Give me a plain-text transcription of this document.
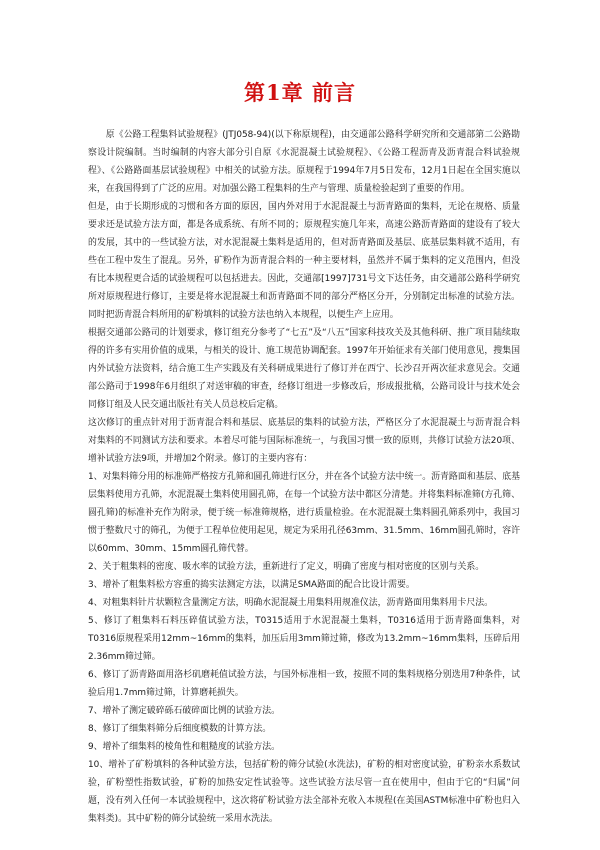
第1章 前言

原《公路工程集料试验规程》(JTJ058-94)(以下称原规程)，由交通部公路科学研究所和交通部第二公路勘察设计院编制。当时编制的内容大部分引自原《水泥混凝土试验规程》、《公路工程沥青及沥青混合料试验规程》、《公路路面基层试验规程》中相关的试验方法。原规程于1994年7月5日发布，12月1日起在全国实施以来，在我国得到了广泛的应用。对加强公路工程集料的生产与管理、质量检验起到了重要的作用。

但是，由于长期形成的习惯和各方面的原因，国内外对用于水泥混凝土与沥青路面的集料，无论在规格、质量要求还是试验方法方面，都是各成系统、有所不同的；原规程实施几年来，高速公路沥青路面的建设有了较大的发展，其中的一些试验方法，对水泥混凝土集料是适用的，但对沥青路面及基层、底基层集料就不适用，有些在工程中发生了混乱。另外，矿粉作为沥青混合料的一种主要材料，虽然并不属于集料的定义范围内，但没有比本规程更合适的试验规程可以包括进去。因此，交通部[1997]731号文下达任务，由交通部公路科学研究所对原规程进行修订，主要是将水泥混凝土和沥青路面不同的部分严格区分开，分别制定出标准的试验方法。同时把沥青混合料所用的矿粉填料的试验方法也纳入本规程，以便生产上应用。

根据交通部公路司的计划要求，修订组充分参考了“七五”及“八五”国家科技攻关及其他科研、推广项目陆续取得的许多有实用价值的成果，与相关的设计、施工规范协调配套。1997年开始征求有关部门使用意见，搜集国内外试验方法资料，结合施工生产实践及有关科研成果进行了修订并在西宁、长沙召开两次征求意见会。交通部公路司于1998年6月组织了对送审稿的审查，经修订组进一步修改后，形成报批稿，公路司设计与技术处会同修订组及人民交通出版社有关人员总校后定稿。

这次修订的重点针对用于沥青混合料和基层、底基层的集料的试验方法，严格区分了水泥混凝土与沥青混合料对集料的不同测试方法和要求。本着尽可能与国际标准统一，与我国习惯一致的原则，共修订试验方法20项、增补试验方法9项，并增加2个附录。修订的主要内容有：

1、对集料筛分用的标准筛严格按方孔筛和圆孔筛进行区分，并在各个试验方法中统一。沥青路面和基层、底基层集料使用方孔筛，水泥混凝土集料使用圆孔筛，在每一个试验方法中都区分清楚。并将集料标准筛(方孔筛、圆孔筛)的标准补充作为附录，便于统一标准筛规格，进行质量检验。在水泥混凝土集料圆孔筛系列中，我国习惯于整数尺寸的筛孔，为便于工程单位使用起见，规定为采用孔径63mm、31.5mm、16mm圆孔筛时，容许以60mm、30mm、15mm圆孔筛代替。

2、关于粗集料的密度、吸水率的试验方法，重新进行了定义，明确了密度与相对密度的区别与关系。

3、增补了粗集料松方容重的捣实法测定方法，以满足SMA路面的配合比设计需要。

4、对粗集料针片状颗粒含量测定方法，明确水泥混凝土用集料用规准仪法，沥青路面用集料用卡尺法。

5、修订了粗集料石料压碎值试验方法，T0315适用于水泥混凝土集料，T0316适用于沥青路面集料，对T0316原规程采用12mm~16mm的集料，加压后用3mm筛过筛，修改为13.2mm~16mm集料，压碎后用2.36mm筛过筛。

6、修订了沥青路面用洛杉矶磨耗值试验方法，与国外标准相一致，按照不同的集料规格分别选用7种条件，试验后用1.7mm筛过筛，计算磨耗损失。

7、增补了测定破碎砾石破碎面比例的试验方法。

8、修订了细集料筛分后细度模数的计算方法。

9、增补了细集料的棱角性和粗糙度的试验方法。

10、增补了矿粉填料的各种试验方法，包括矿粉的筛分试验(水洗法)，矿粉的相对密度试验，矿粉亲水系数试验，矿粉塑性指数试验，矿粉的加热安定性试验等。这些试验方法尽管一直在使用中，但由于它的“归属”问题，没有列入任何一本试验规程中，这次将矿粉试验方法全部补充收入本规程(在美国ASTM标准中矿粉也归入集料类)。其中矿粉的筛分试验统一采用水洗法。
